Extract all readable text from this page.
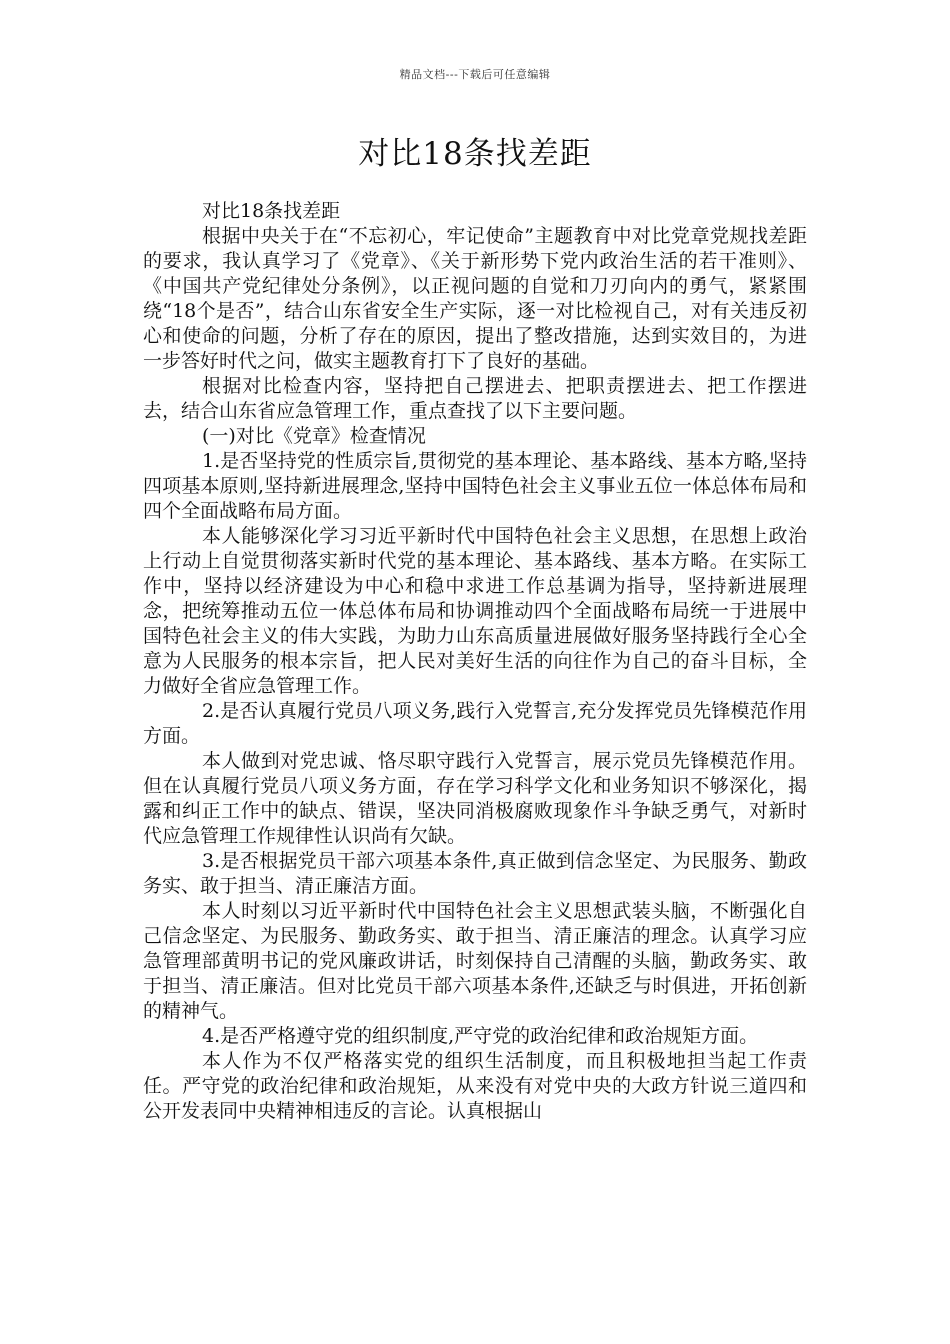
精品文档---下载后可任意编辑
对比18条找差距

对比18条找差距

根据中央关于在“不忘初心，牢记使命”主题教育中对比党章党规找差距的要求，我认真学习了《党章》、《关于新形势下党内政治生活的若干准则》、《中国共产党纪律处分条例》，以正视问题的自觉和刀刃向内的勇气，紧紧围绕“18个是否”，结合山东省安全生产实际，逐一对比检视自己，对有关违反初心和使命的问题，分析了存在的原因，提出了整改措施，达到实效目的，为进一步答好时代之问，做实主题教育打下了良好的基础。

根据对比检查内容，坚持把自己摆进去、把职责摆进去、把工作摆进去，结合山东省应急管理工作，重点查找了以下主要问题。

(一)对比《党章》检查情况

1.是否坚持党的性质宗旨,贯彻党的基本理论、基本路线、基本方略,坚持四项基本原则,坚持新进展理念,坚持中国特色社会主义事业五位一体总体布局和四个全面战略布局方面。

本人能够深化学习习近平新时代中国特色社会主义思想，在思想上政治上行动上自觉贯彻落实新时代党的基本理论、基本路线、基本方略。在实际工作中，坚持以经济建设为中心和稳中求进工作总基调为指导，坚持新进展理念，把统筹推动五位一体总体布局和协调推动四个全面战略布局统一于进展中国特色社会主义的伟大实践，为助力山东高质量进展做好服务坚持践行全心全意为人民服务的根本宗旨，把人民对美好生活的向往作为自己的奋斗目标，全力做好全省应急管理工作。

2.是否认真履行党员八项义务,践行入党誓言,充分发挥党员先锋模范作用方面。

本人做到对党忠诚、恪尽职守践行入党誓言，展示党员先锋模范作用。但在认真履行党员八项义务方面，存在学习科学文化和业务知识不够深化，揭露和纠正工作中的缺点、错误，坚决同消极腐败现象作斗争缺乏勇气，对新时代应急管理工作规律性认识尚有欠缺。

3.是否根据党员干部六项基本条件,真正做到信念坚定、为民服务、勤政务实、敢于担当、清正廉洁方面。

本人时刻以习近平新时代中国特色社会主义思想武装头脑，不断强化自己信念坚定、为民服务、勤政务实、敢于担当、清正廉洁的理念。认真学习应急管理部黄明书记的党风廉政讲话，时刻保持自己清醒的头脑，勤政务实、敢于担当、清正廉洁。但对比党员干部六项基本条件,还缺乏与时俱进，开拓创新的精神气。

4.是否严格遵守党的组织制度,严守党的政治纪律和政治规矩方面。

本人作为不仅严格落实党的组织生活制度，而且积极地担当起工作责任。严守党的政治纪律和政治规矩，从来没有对党中央的大政方针说三道四和公开发表同中央精神相违反的言论。认真根据山
